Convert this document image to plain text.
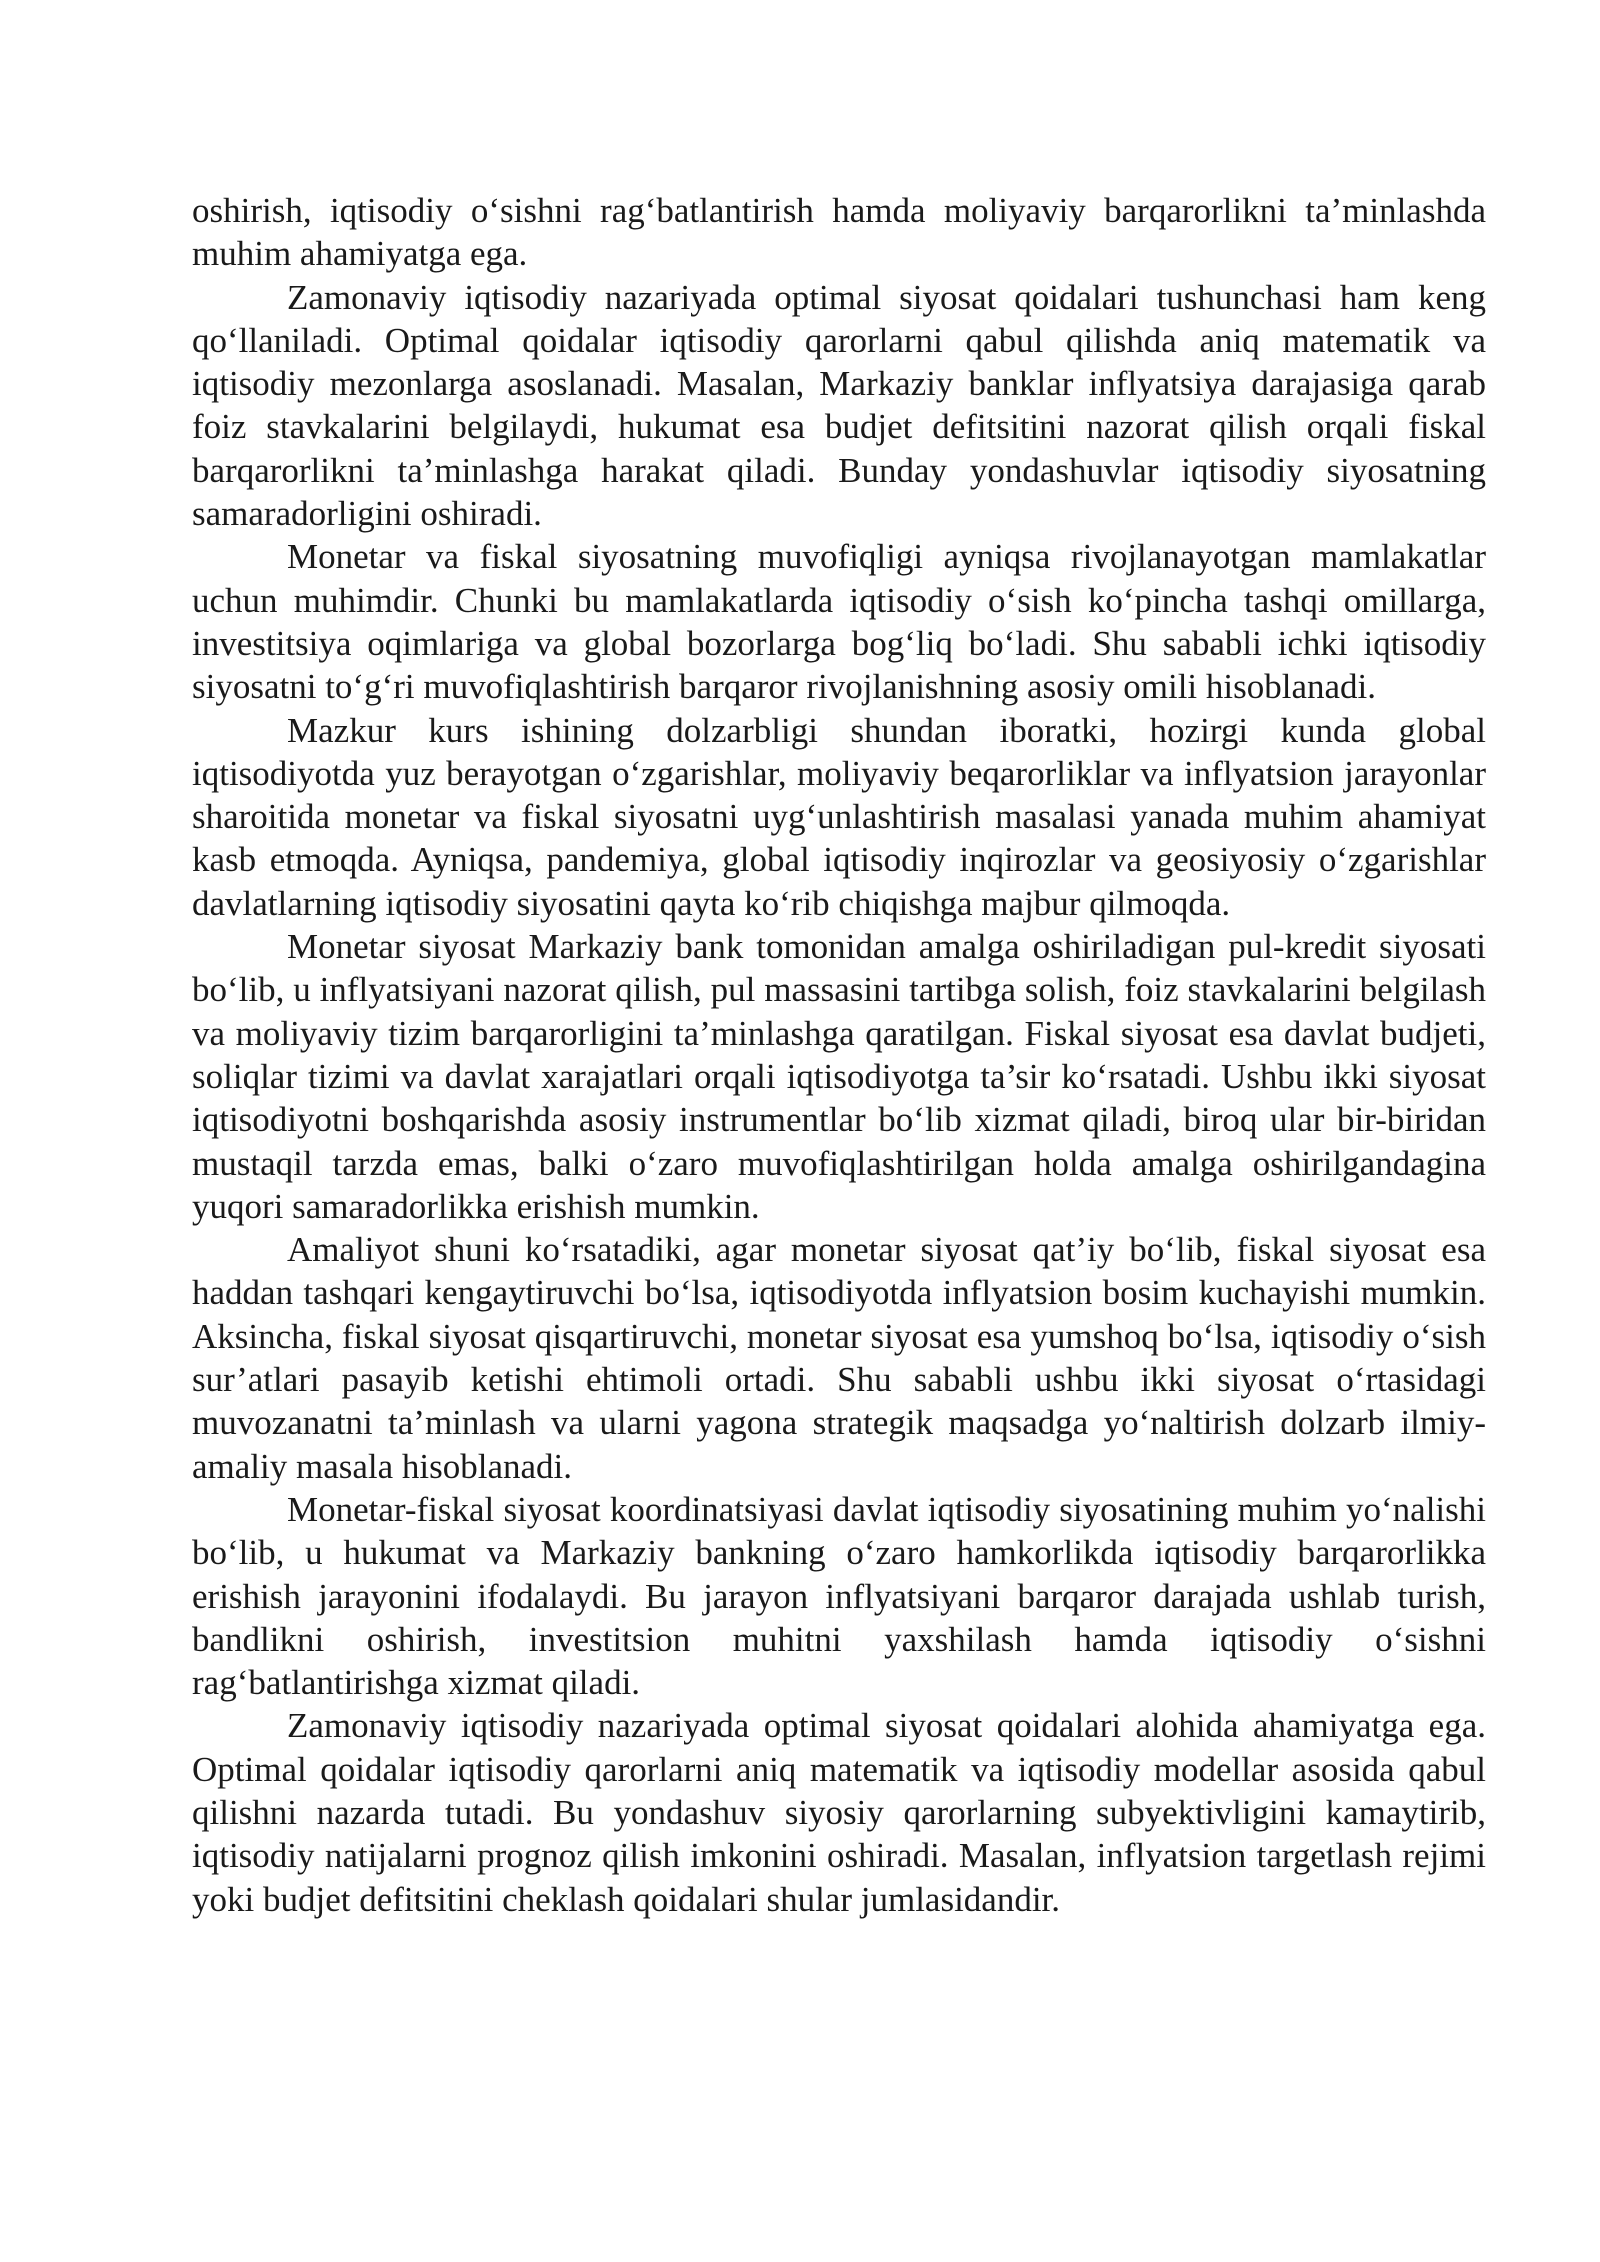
oshirish, iqtisodiy o‘sishni rag‘batlantirish hamda moliyaviy barqarorlikni ta’minlashda muhim ahamiyatga ega.

Zamonaviy iqtisodiy nazariyada optimal siyosat qoidalari tushunchasi ham keng qo‘llaniladi. Optimal qoidalar iqtisodiy qarorlarni qabul qilishda aniq matematik va iqtisodiy mezonlarga asoslanadi. Masalan, Markaziy banklar inflyatsiya darajasiga qarab foiz stavkalarini belgilaydi, hukumat esa budjet defitsitini nazorat qilish orqali fiskal barqarorlikni ta’minlashga harakat qiladi. Bunday yondashuvlar iqtisodiy siyosatning samaradorligini oshiradi.

Monetar va fiskal siyosatning muvofiqligi ayniqsa rivojlanayotgan mamlakatlar uchun muhimdir. Chunki bu mamlakatlarda iqtisodiy o‘sish ko‘pincha tashqi omillarga, investitsiya oqimlariga va global bozorlarga bog‘liq bo‘ladi. Shu sababli ichki iqtisodiy siyosatni to‘g‘ri muvofiqlashtirish barqaror rivojlanishning asosiy omili hisoblanadi.

Mazkur kurs ishining dolzarbligi shundan iboratki, hozirgi kunda global iqtisodiyotda yuz berayotgan o‘zgarishlar, moliyaviy beqarorliklar va inflyatsion jarayonlar sharoitida monetar va fiskal siyosatni uyg‘unlashtirish masalasi yanada muhim ahamiyat kasb etmoqda. Ayniqsa, pandemiya, global iqtisodiy inqirozlar va geosiyosiy o‘zgarishlar davlatlarning iqtisodiy siyosatini qayta ko‘rib chiqishga majbur qilmoqda.

Monetar siyosat Markaziy bank tomonidan amalga oshiriladigan pul-kredit siyosati bo‘lib, u inflyatsiyani nazorat qilish, pul massasini tartibga solish, foiz stavkalarini belgilash va moliyaviy tizim barqarorligini ta’minlashga qaratilgan. Fiskal siyosat esa davlat budjeti, soliqlar tizimi va davlat xarajatlari orqali iqtisodiyotga ta’sir ko‘rsatadi. Ushbu ikki siyosat iqtisodiyotni boshqarishda asosiy instrumentlar bo‘lib xizmat qiladi, biroq ular bir-biridan mustaqil tarzda emas, balki o‘zaro muvofiqlashtirilgan holda amalga oshirilgandagina yuqori samaradorlikka erishish mumkin.

Amaliyot shuni ko‘rsatadiki, agar monetar siyosat qat’iy bo‘lib, fiskal siyosat esa haddan tashqari kengaytiruvchi bo‘lsa, iqtisodiyotda inflyatsion bosim kuchayishi mumkin. Aksincha, fiskal siyosat qisqartiruvchi, monetar siyosat esa yumshoq bo‘lsa, iqtisodiy o‘sish sur’atlari pasayib ketishi ehtimoli ortadi. Shu sababli ushbu ikki siyosat o‘rtasidagi muvozanatni ta’minlash va ularni yagona strategik maqsadga yo‘naltirish dolzarb ilmiy-amaliy masala hisoblanadi.

Monetar-fiskal siyosat koordinatsiyasi davlat iqtisodiy siyosatining muhim yo‘nalishi bo‘lib, u hukumat va Markaziy bankning o‘zaro hamkorlikda iqtisodiy barqarorlikka erishish jarayonini ifodalaydi. Bu jarayon inflyatsiyani barqaror darajada ushlab turish, bandlikni oshirish, investitsion muhitni yaxshilash hamda iqtisodiy o‘sishni rag‘batlantirishga xizmat qiladi.

Zamonaviy iqtisodiy nazariyada optimal siyosat qoidalari alohida ahamiyatga ega. Optimal qoidalar iqtisodiy qarorlarni aniq matematik va iqtisodiy modellar asosida qabul qilishni nazarda tutadi. Bu yondashuv siyosiy qarorlarning subyektivligini kamaytirib, iqtisodiy natijalarni prognoz qilish imkonini oshiradi. Masalan, inflyatsion targetlash rejimi yoki budjet defitsitini cheklash qoidalari shular jumlasidandir.
